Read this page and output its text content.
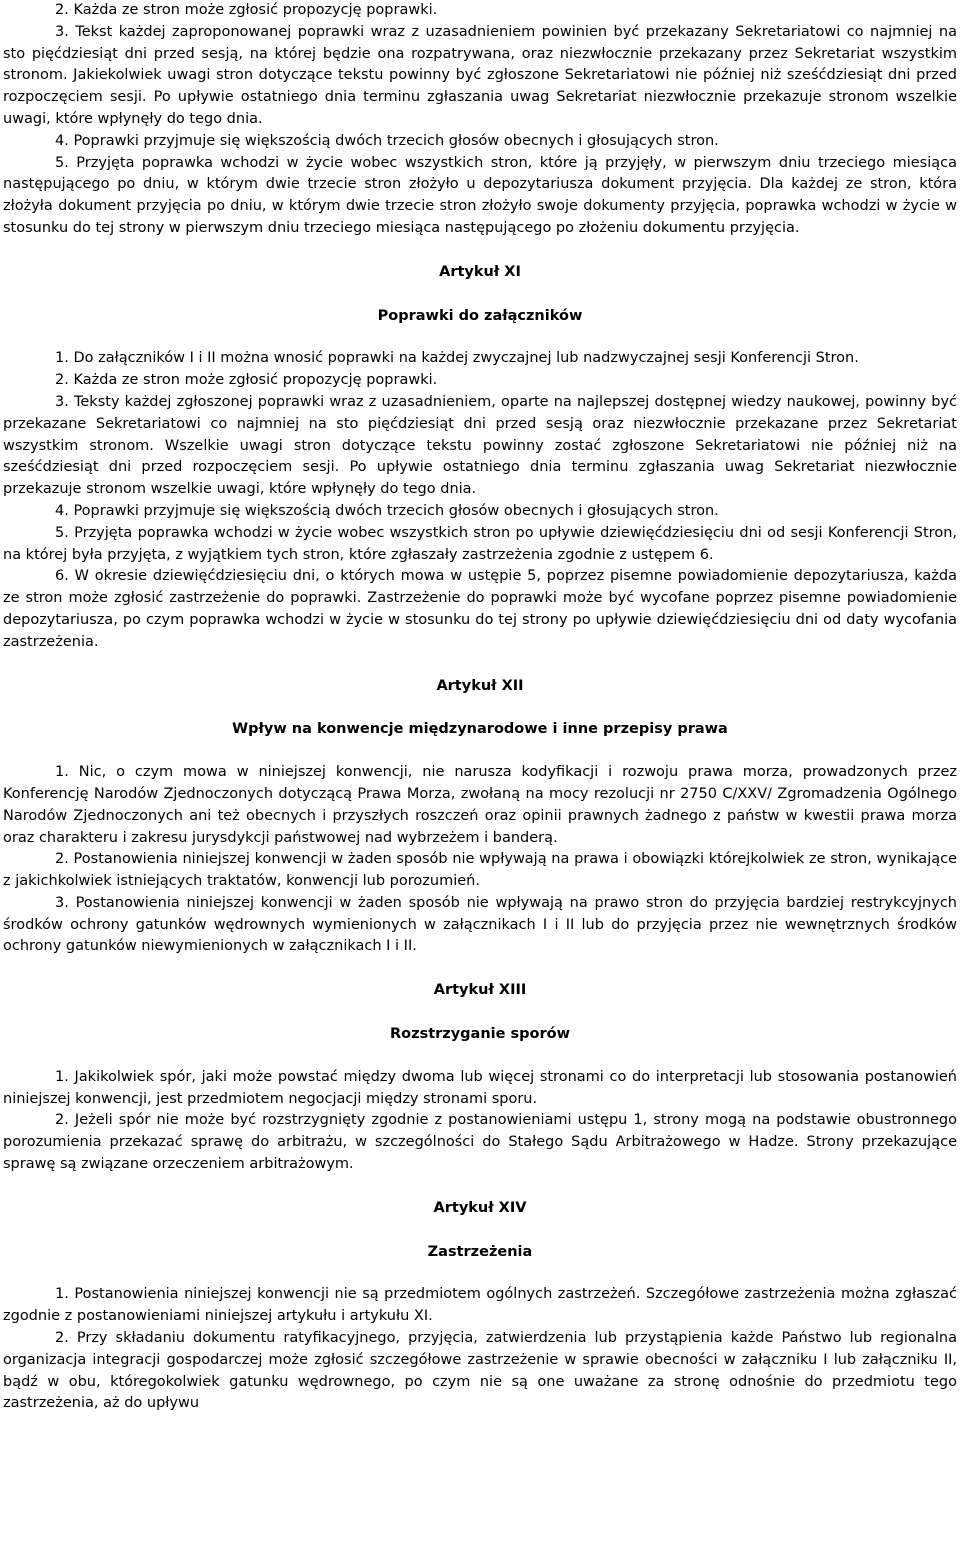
2. Każda ze stron może zgłosić propozycję poprawki.

3. Tekst każdej zaproponowanej poprawki wraz z uzasadnieniem powinien być przekazany Sekretariatowi co najmniej na sto pięćdziesiąt dni przed sesją, na której będzie ona rozpatrywana, oraz niezwłocznie przekazany przez Sekretariat wszystkim stronom. Jakiekolwiek uwagi stron dotyczące tekstu powinny być zgłoszone Sekretariatowi nie później niż sześćdziesiąt dni przed rozpoczęciem sesji. Po upływie ostatniego dnia terminu zgłaszania uwag Sekretariat niezwłocznie przekazuje stronom wszelkie uwagi, które wpłynęły do tego dnia.

4. Poprawki przyjmuje się większością dwóch trzecich głosów obecnych i głosujących stron.

5. Przyjęta poprawka wchodzi w życie wobec wszystkich stron, które ją przyjęły, w pierwszym dniu trzeciego miesiąca następującego po dniu, w którym dwie trzecie stron złożyło u depozytariusza dokument przyjęcia. Dla każdej ze stron, która złożyła dokument przyjęcia po dniu, w którym dwie trzecie stron złożyło swoje dokumenty przyjęcia, poprawka wchodzi w życie w stosunku do tej strony w pierwszym dniu trzeciego miesiąca następującego po złożeniu dokumentu przyjęcia.

Artykuł XI

Poprawki do załączników

1. Do załączników I i II można wnosić poprawki na każdej zwyczajnej lub nadzwyczajnej sesji Konferencji Stron.

2. Każda ze stron może zgłosić propozycję poprawki.

3. Teksty każdej zgłoszonej poprawki wraz z uzasadnieniem, oparte na najlepszej dostępnej wiedzy naukowej, powinny być przekazane Sekretariatowi co najmniej na sto pięćdziesiąt dni przed sesją oraz niezwłocznie przekazane przez Sekretariat wszystkim stronom. Wszelkie uwagi stron dotyczące tekstu powinny zostać zgłoszone Sekretariatowi nie później niż na sześćdziesiąt dni przed rozpoczęciem sesji. Po upływie ostatniego dnia terminu zgłaszania uwag Sekretariat niezwłocznie przekazuje stronom wszelkie uwagi, które wpłynęły do tego dnia.

4. Poprawki przyjmuje się większością dwóch trzecich głosów obecnych i głosujących stron.

5. Przyjęta poprawka wchodzi w życie wobec wszystkich stron po upływie dziewięćdziesięciu dni od sesji Konferencji Stron, na której była przyjęta, z wyjątkiem tych stron, które zgłaszały zastrzeżenia zgodnie z ustępem 6.

6. W okresie dziewięćdziesięciu dni, o których mowa w ustępie 5, poprzez pisemne powiadomienie depozytariusza, każda ze stron może zgłosić zastrzeżenie do poprawki. Zastrzeżenie do poprawki może być wycofane poprzez pisemne powiadomienie depozytariusza, po czym poprawka wchodzi w życie w stosunku do tej strony po upływie dziewięćdziesięciu dni od daty wycofania zastrzeżenia.

Artykuł XII

Wpływ na konwencje międzynarodowe i inne przepisy prawa

1. Nic, o czym mowa w niniejszej konwencji, nie narusza kodyfikacji i rozwoju prawa morza, prowadzonych przez Konferencję Narodów Zjednoczonych dotyczącą Prawa Morza, zwołaną na mocy rezolucji nr 2750 C/XXV/ Zgromadzenia Ogólnego Narodów Zjednoczonych ani też obecnych i przyszłych roszczeń oraz opinii prawnych żadnego z państw w kwestii prawa morza oraz charakteru i zakresu jurysdykcji państwowej nad wybrzeżem i banderą.

2. Postanowienia niniejszej konwencji w żaden sposób nie wpływają na prawa i obowiązki którejkolwiek ze stron, wynikające z jakichkolwiek istniejących traktatów, konwencji lub porozumień.

3. Postanowienia niniejszej konwencji w żaden sposób nie wpływają na prawo stron do przyjęcia bardziej restrykcyjnych środków ochrony gatunków wędrownych wymienionych w załącznikach I i II lub do przyjęcia przez nie wewnętrznych środków ochrony gatunków niewymienionych w załącznikach I i II.

Artykuł XIII

Rozstrzyganie sporów

1. Jakikolwiek spór, jaki może powstać między dwoma lub więcej stronami co do interpretacji lub stosowania postanowień niniejszej konwencji, jest przedmiotem negocjacji między stronami sporu.

2. Jeżeli spór nie może być rozstrzygnięty zgodnie z postanowieniami ustępu 1, strony mogą na podstawie obustronnego porozumienia przekazać sprawę do arbitrażu, w szczególności do Stałego Sądu Arbitrażowego w Hadze. Strony przekazujące sprawę są związane orzeczeniem arbitrażowym.

Artykuł XIV

Zastrzeżenia

1. Postanowienia niniejszej konwencji nie są przedmiotem ogólnych zastrzeżeń. Szczegółowe zastrzeżenia można zgłaszać zgodnie z postanowieniami niniejszej artykułu i artykułu XI.

2. Przy składaniu dokumentu ratyfikacyjnego, przyjęcia, zatwierdzenia lub przystąpienia każde Państwo lub regionalna organizacja integracji gospodarczej może zgłosić szczegółowe zastrzeżenie w sprawie obecności w załączniku I lub załączniku II, bądź w obu, któregokolwiek gatunku wędrownego, po czym nie są one uważane za stronę odnośnie do przedmiotu tego zastrzeżenia, aż do upływu
